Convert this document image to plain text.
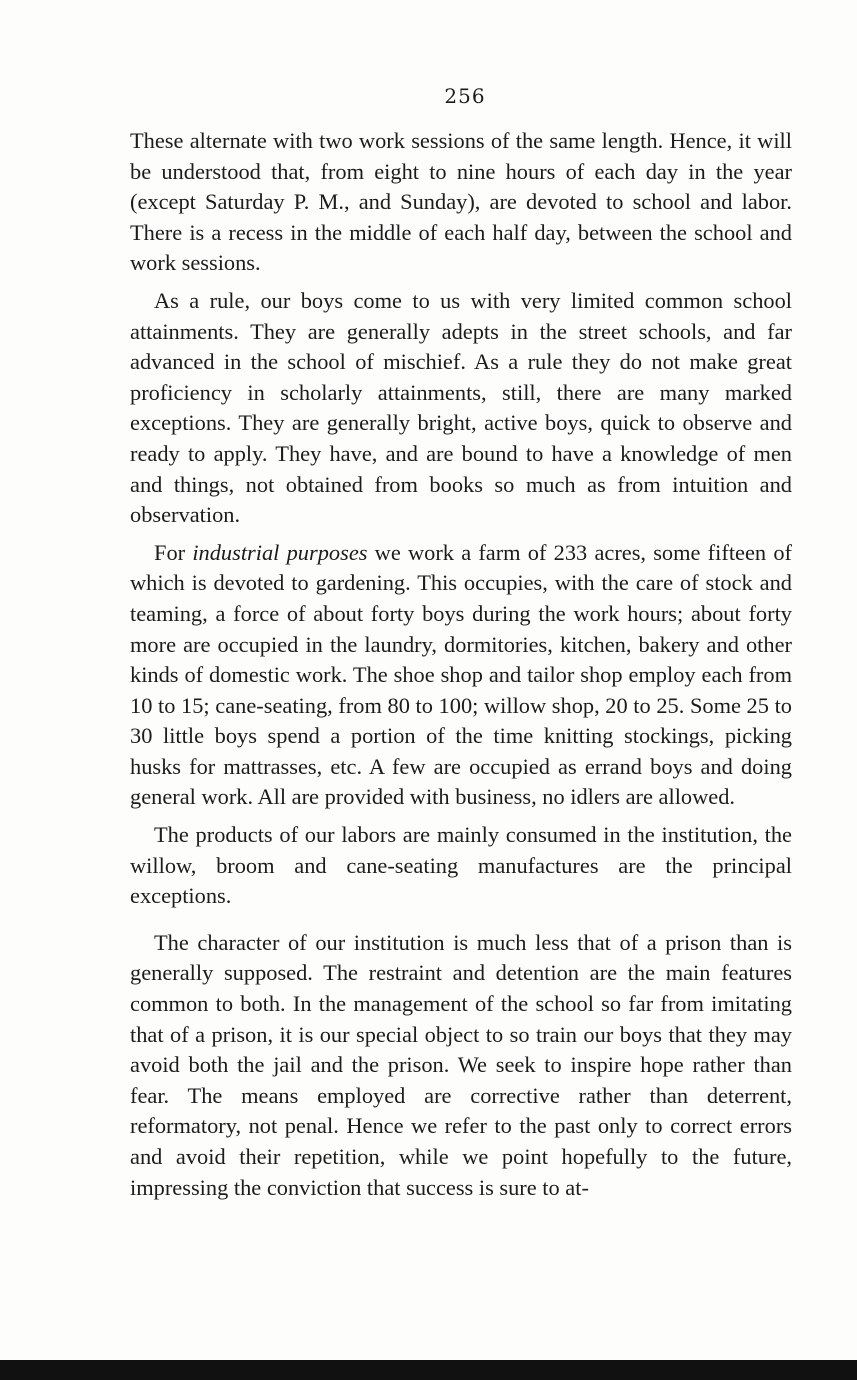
256

These alternate with two work sessions of the same length. Hence, it will be understood that, from eight to nine hours of each day in the year (except Saturday P. M., and Sunday), are devoted to school and labor. There is a recess in the middle of each half day, between the school and work sessions.

As a rule, our boys come to us with very limited common school attainments. They are generally adepts in the street schools, and far advanced in the school of mischief. As a rule they do not make great proficiency in scholarly attainments, still, there are many marked exceptions. They are generally bright, active boys, quick to observe and ready to apply. They have, and are bound to have a knowledge of men and things, not obtained from books so much as from intuition and observation.

For industrial purposes we work a farm of 233 acres, some fifteen of which is devoted to gardening. This occupies, with the care of stock and teaming, a force of about forty boys during the work hours; about forty more are occupied in the laundry, dormitories, kitchen, bakery and other kinds of domestic work. The shoe shop and tailor shop employ each from 10 to 15; cane-seating, from 80 to 100; willow shop, 20 to 25. Some 25 to 30 little boys spend a portion of the time knitting stockings, picking husks for mattrasses, etc. A few are occupied as errand boys and doing general work. All are provided with business, no idlers are allowed.

The products of our labors are mainly consumed in the institution, the willow, broom and cane-seating manufactures are the principal exceptions.

The character of our institution is much less that of a prison than is generally supposed. The restraint and detention are the main features common to both. In the management of the school so far from imitating that of a prison, it is our special object to so train our boys that they may avoid both the jail and the prison. We seek to inspire hope rather than fear. The means employed are corrective rather than deterrent, reformatory, not penal. Hence we refer to the past only to correct errors and avoid their repetition, while we point hopefully to the future, impressing the conviction that success is sure to at-
